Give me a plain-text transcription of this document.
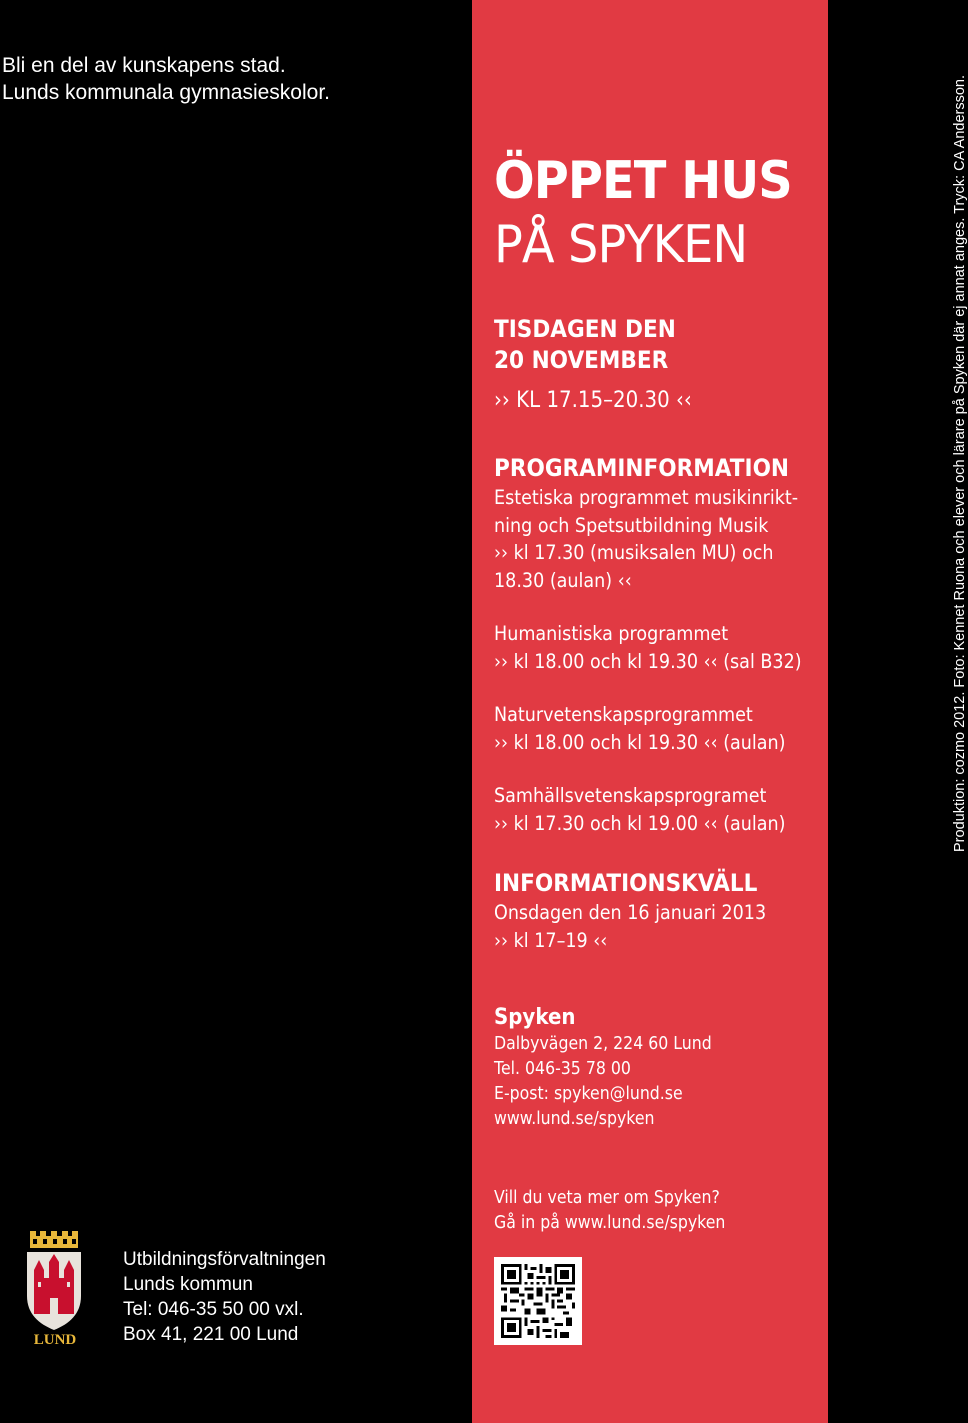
Bli en del av kunskapens stad.
Lunds kommunala gymnasieskolor.
ÖPPET HUS
PÅ SPYKEN
TISDAGEN DEN
20 NOVEMBER
›› KL 17.15–20.30 ‹‹
PROGRAMINFORMATION
Estetiska programmet musikinrikt-
ning och Spetsutbildning Musik
›› kl 17.30 (musiksalen MU) och
18.30 (aulan) ‹‹
Humanistiska programmet
›› kl 18.00 och kl 19.30 ‹‹ (sal B32)
Naturvetenskapsprogrammet
›› kl 18.00 och kl 19.30 ‹‹ (aulan)
Samhällsvetenskapsprogramet
›› kl 17.30 och kl 19.00 ‹‹ (aulan)
INFORMATIONSKVÄLL
Onsdagen den 16 januari 2013
›› kl 17–19 ‹‹
Spyken
Dalbyvägen 2, 224 60 Lund
Tel. 046-35 78 00
E-post: spyken@lund.se
www.lund.se/spyken
Vill du veta mer om Spyken?
Gå in på www.lund.se/spyken
Produktion: cozmo 2012. Foto: Kennet Ruona och elever och lärare på Spyken där ej annat anges. Tryck: CA Andersson.
LUND
Utbildningsförvaltningen
Lunds kommun
Tel: 046-35 50 00 vxl.
Box 41, 221 00 Lund
